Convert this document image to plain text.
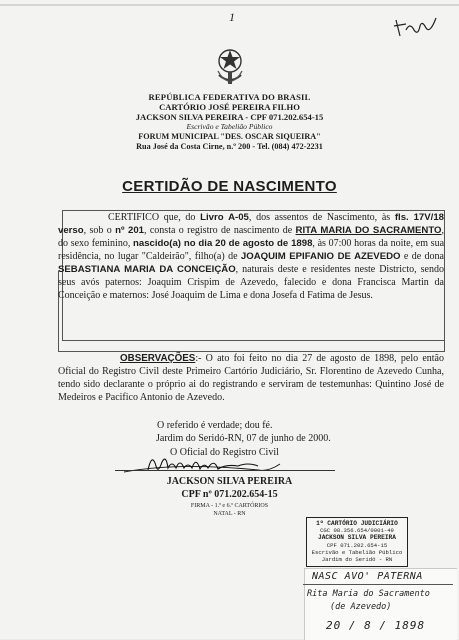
1
REPÚBLICA FEDERATIVA DO BRASIL
CARTÓRIO JOSÉ PEREIRA FILHO
JACKSON SILVA PEREIRA - CPF 071.202.654-15
Escrivão e Tabelião Público
FORUM MUNICIPAL "DES. OSCAR SIQUEIRA"
Rua José da Costa Cirne, n.º 200 - Tel. (084) 472-2231
CERTIDÃO DE NASCIMENTO
CERTIFICO que, do Livro A-05, dos assentos de Nascimento, às fls. 17V/18 verso, sob o nº 201, consta o registro de nascimento de RITA MARIA DO SACRAMENTO, do sexo feminino, nascido(a) no dia 20 de agosto de 1898, às 07:00 horas da noite, em sua residência, no lugar "Caldeirão", filho(a) de JOAQUIM EPIFANIO DE AZEVEDO e de dona SEBASTIANA MARIA DA CONCEIÇÃO, naturais deste e residentes neste Districto, sendo seus avós paternos: Joaquim Crispim de Azevedo, falecido e dona Francisca Martin da Conceição e maternos: José Joaquim de Lima e dona Josefa d Fatima de Jesus.
OBSERVAÇÕES:- O ato foi feito no dia 27 de agosto de 1898, pelo então Oficial do Registro Civil deste Primeiro Cartório Judiciário, Sr. Florentino de Azevedo Cunha, tendo sido declarante o próprio ai do registrando e serviram de testemunhas: Quintino José de Medeiros e Pacifico Antonio de Azevedo.
O referido é verdade; dou fé.
Jardim do Seridó-RN, 07 de junho de 2000.
O Oficial do Registro Civil
JACKSON SILVA PEREIRA
CPF nº 071.202.654-15
FIRMA - 1.º e 6.º CARTÓRIOS
NATAL - RN
1º CARTÓRIO JUDICIÁRIO
CGC 08.356.654/0001-49
JACKSON SILVA PEREIRA
CPF 071.202.654-15
Escrivão e Tabelião Público
Jardim do Seridó - RN
NASC AVO' PATERNA
Rita Maria do Sacramento
(de Azevedo)
20 / 8 / 1898
